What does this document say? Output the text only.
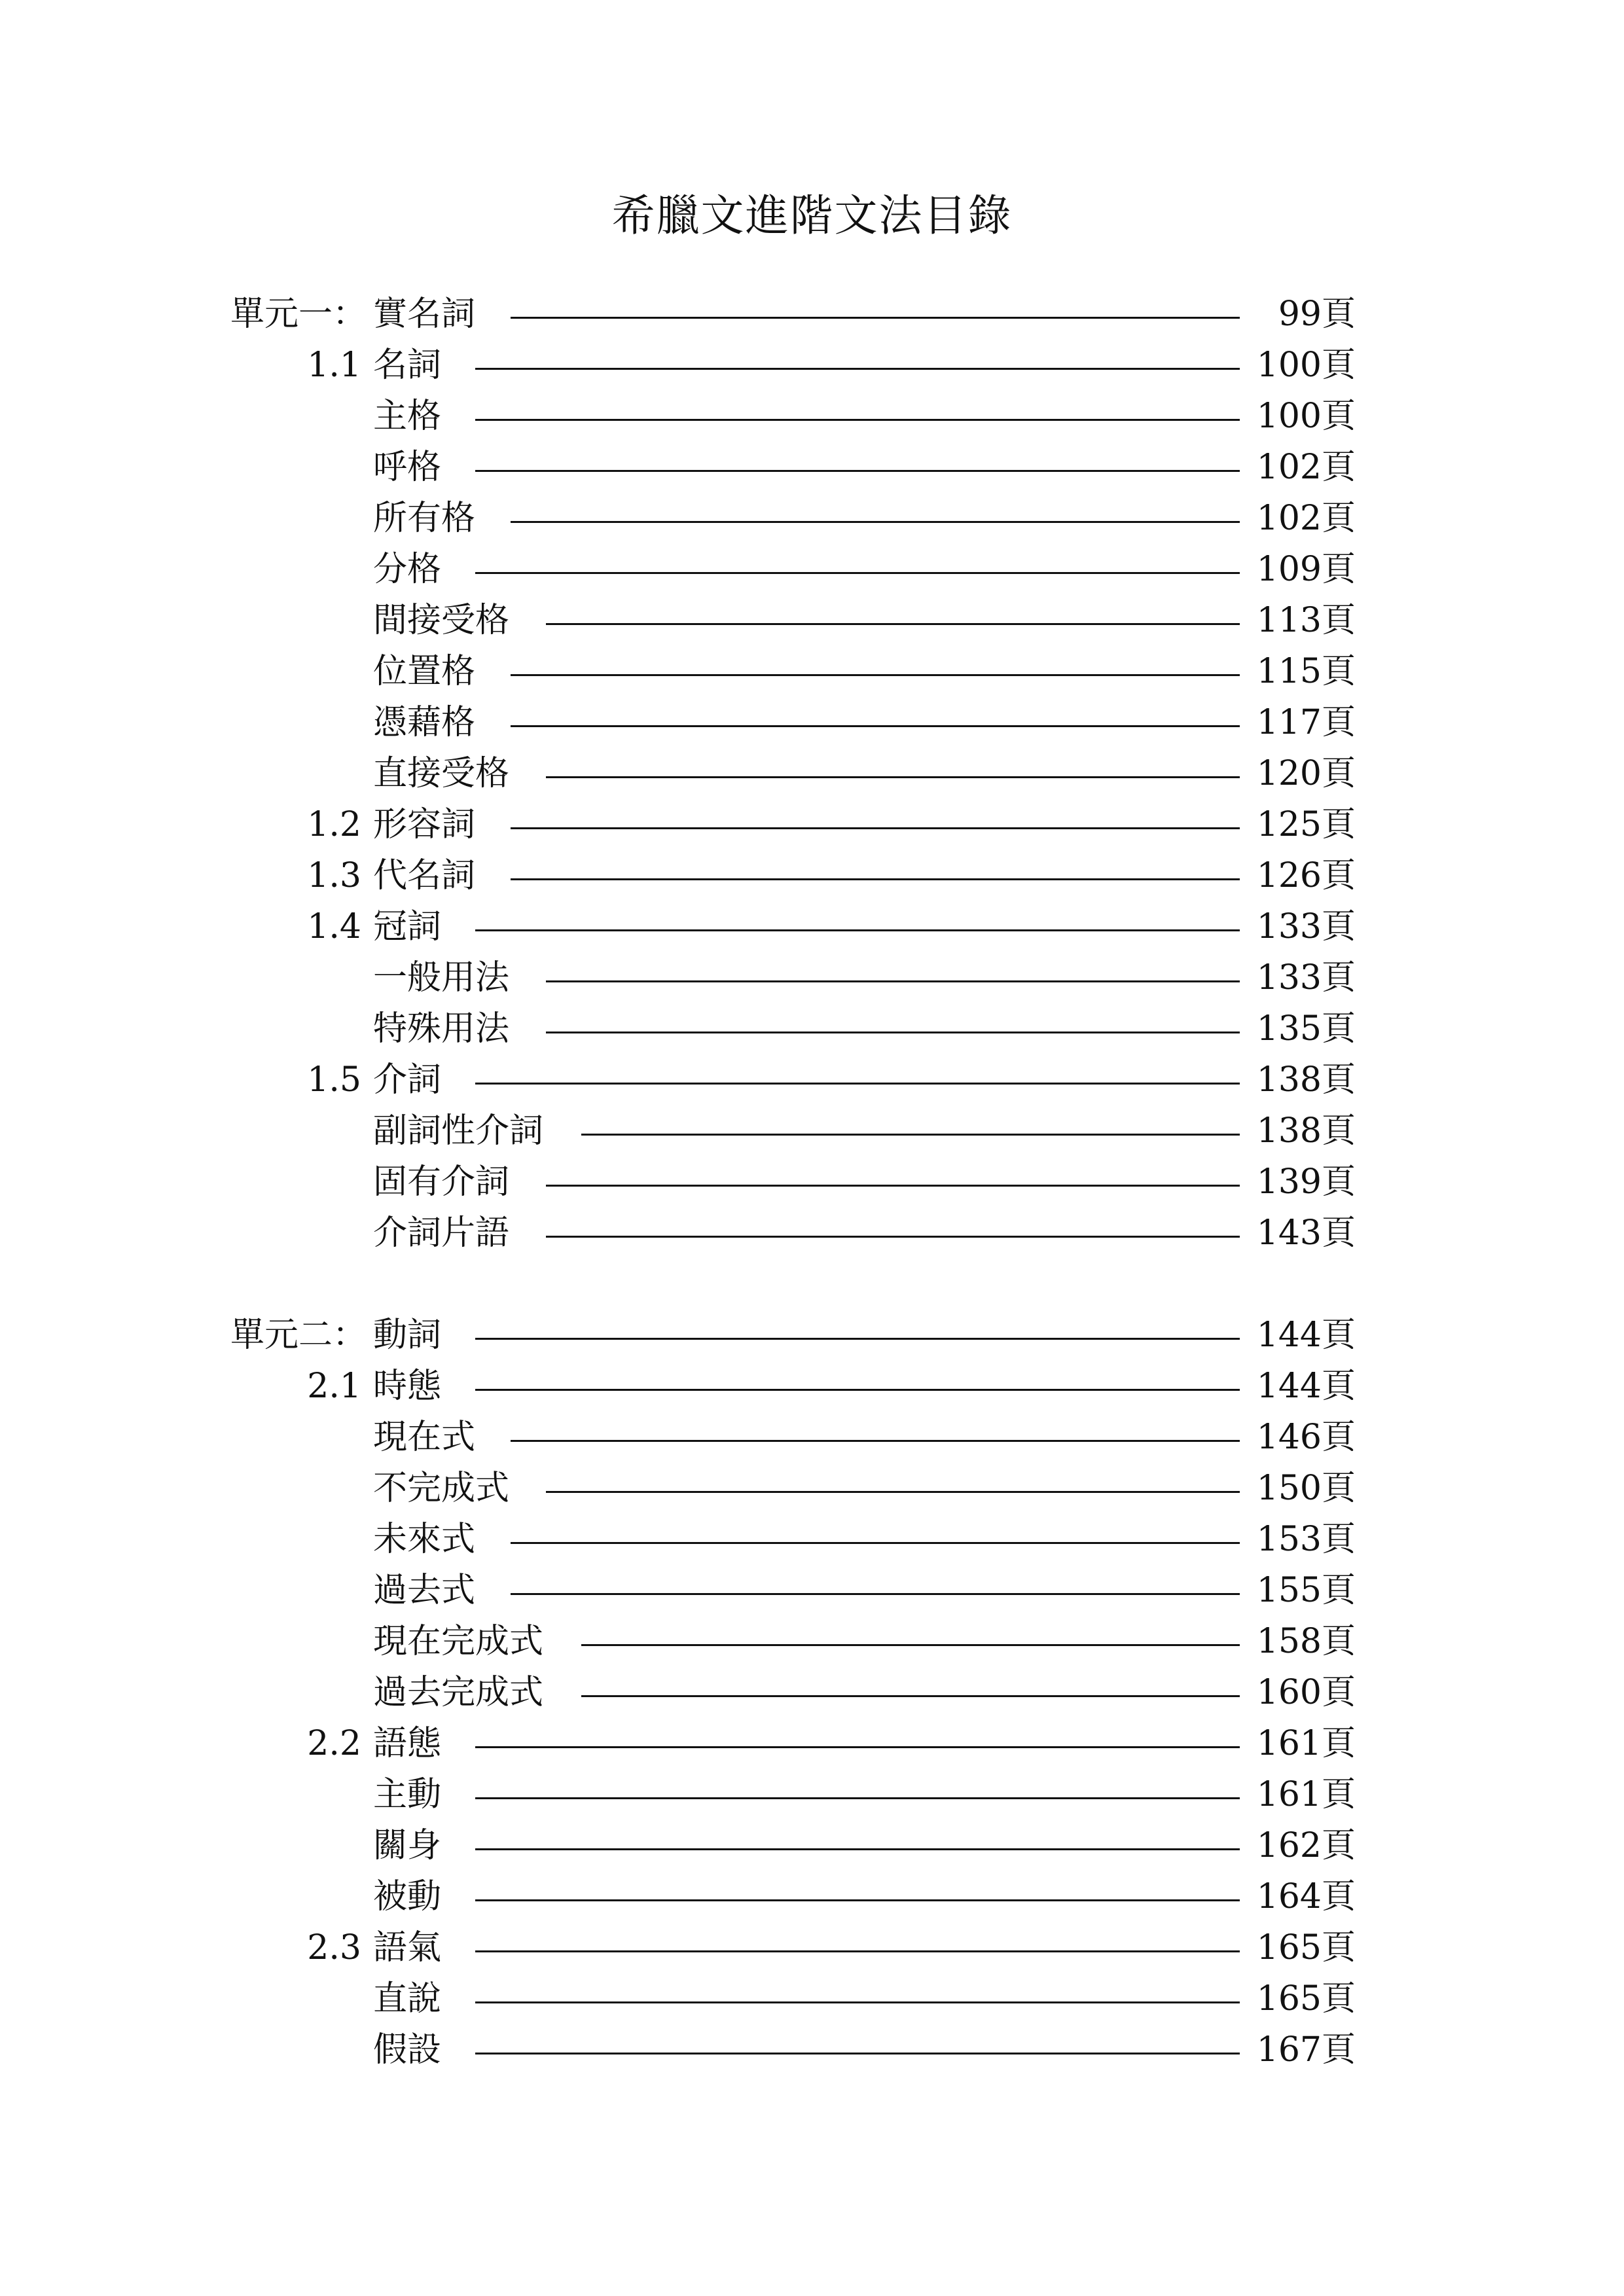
希臘文進階文法目錄
單元一： 實名詞	99頁
1.1 名詞	100頁
主格	100頁
呼格	102頁
所有格	102頁
分格	109頁
間接受格	113頁
位置格	115頁
憑藉格	117頁
直接受格	120頁
1.2 形容詞	125頁
1.3 代名詞	126頁
1.4 冠詞	133頁
一般用法	133頁
特殊用法	135頁
1.5 介詞	138頁
副詞性介詞	138頁
固有介詞	139頁
介詞片語	143頁
單元二： 動詞	144頁
2.1 時態	144頁
現在式	146頁
不完成式	150頁
未來式	153頁
過去式	155頁
現在完成式	158頁
過去完成式	160頁
2.2 語態	161頁
主動	161頁
關身	162頁
被動	164頁
2.3 語氣	165頁
直說	165頁
假設	167頁
